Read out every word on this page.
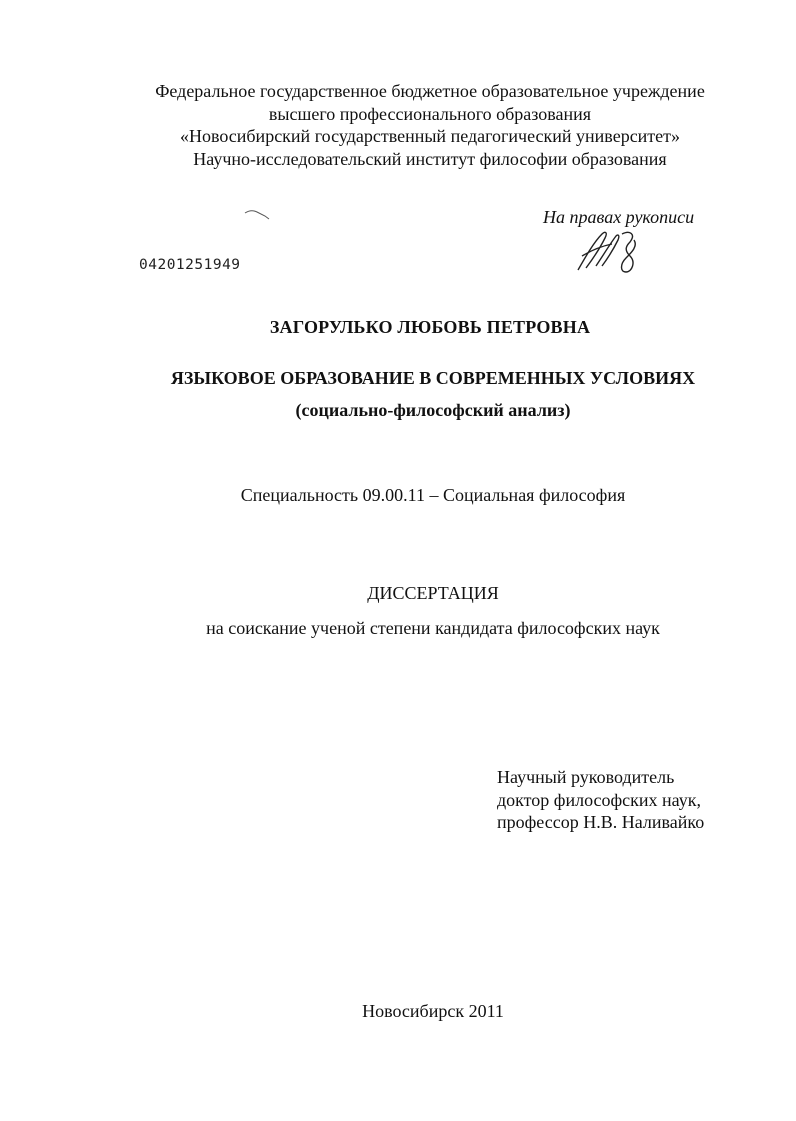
Федеральное государственное бюджетное образовательное учреждение
высшего профессионального образования
«Новосибирский государственный педагогический университет»
Научно-исследовательский институт философии образования
На правах рукописи
04201251949
ЗАГОРУЛЬКО ЛЮБОВЬ ПЕТРОВНА
ЯЗЫКОВОЕ ОБРАЗОВАНИЕ В СОВРЕМЕННЫХ УСЛОВИЯХ
(социально-философский анализ)
Специальность 09.00.11 – Социальная философия
ДИССЕРТАЦИЯ
на соискание ученой степени кандидата философских наук
Научный руководитель
доктор философских наук,
профессор Н.В. Наливайко
Новосибирск 2011
